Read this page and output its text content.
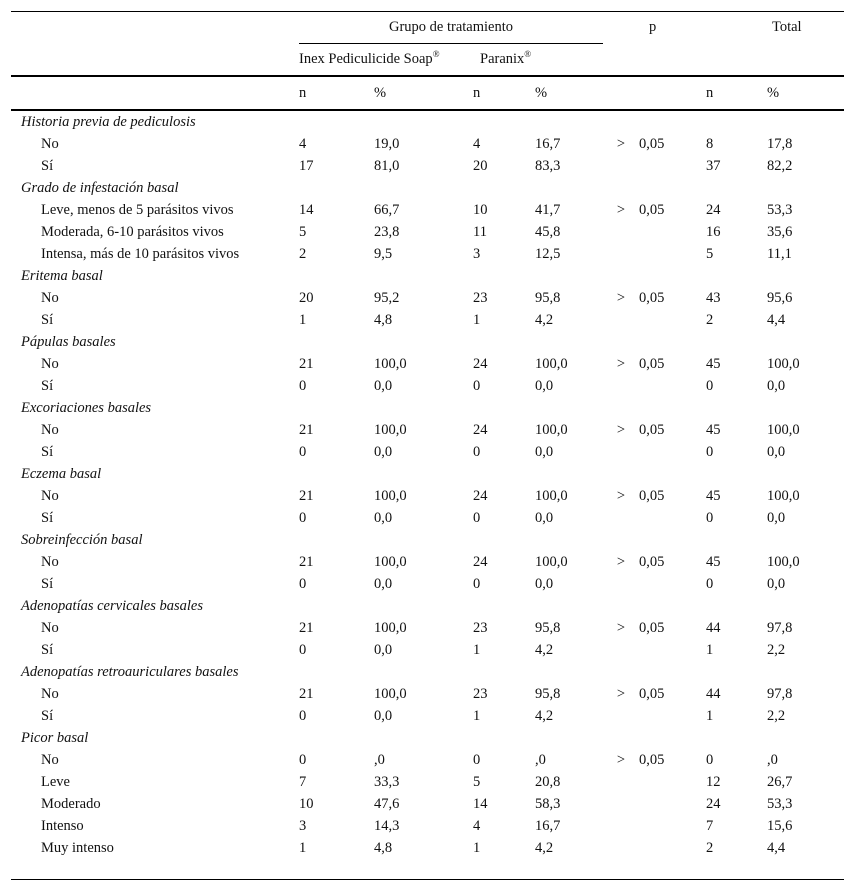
		Grupo de tratamiento					p		Total
		Inex Pediculicide Soap®		Paranix®				
		n	%	n	%			n	%
Historia previa de pediculosis									
No		4	19,0	4	16,7	>	0,05	8	17,8
Sí		17	81,0	20	83,3			37	82,2
Grado de infestación basal									
Leve, menos de 5 parásitos vivos		14	66,7	10	41,7	>	0,05	24	53,3
Moderada, 6-10 parásitos vivos		5	23,8	11	45,8			16	35,6
Intensa, más de 10 parásitos vivos		2	9,5	3	12,5			5	11,1
Eritema basal									
No		20	95,2	23	95,8	>	0,05	43	95,6
Sí		1	4,8	1	4,2			2	4,4
Pápulas basales									
No		21	100,0	24	100,0	>	0,05	45	100,0
Sí		0	0,0	0	0,0			0	0,0
Excoriaciones basales									
No		21	100,0	24	100,0	>	0,05	45	100,0
Sí		0	0,0	0	0,0			0	0,0
Eczema basal									
No		21	100,0	24	100,0	>	0,05	45	100,0
Sí		0	0,0	0	0,0			0	0,0
Sobreinfección basal									
No		21	100,0	24	100,0	>	0,05	45	100,0
Sí		0	0,0	0	0,0			0	0,0
Adenopatías cervicales basales									
No		21	100,0	23	95,8	>	0,05	44	97,8
Sí		0	0,0	1	4,2			1	2,2
Adenopatías retroauriculares basales									
No		21	100,0	23	95,8	>	0,05	44	97,8
Sí		0	0,0	1	4,2			1	2,2
Picor basal									
No		0	,0	0	,0	>	0,05	0	,0
Leve		7	33,3	5	20,8			12	26,7
Moderado		10	47,6	14	58,3			24	53,3
Intenso		3	14,3	4	16,7			7	15,6
Muy intenso		1	4,8	1	4,2			2	4,4
